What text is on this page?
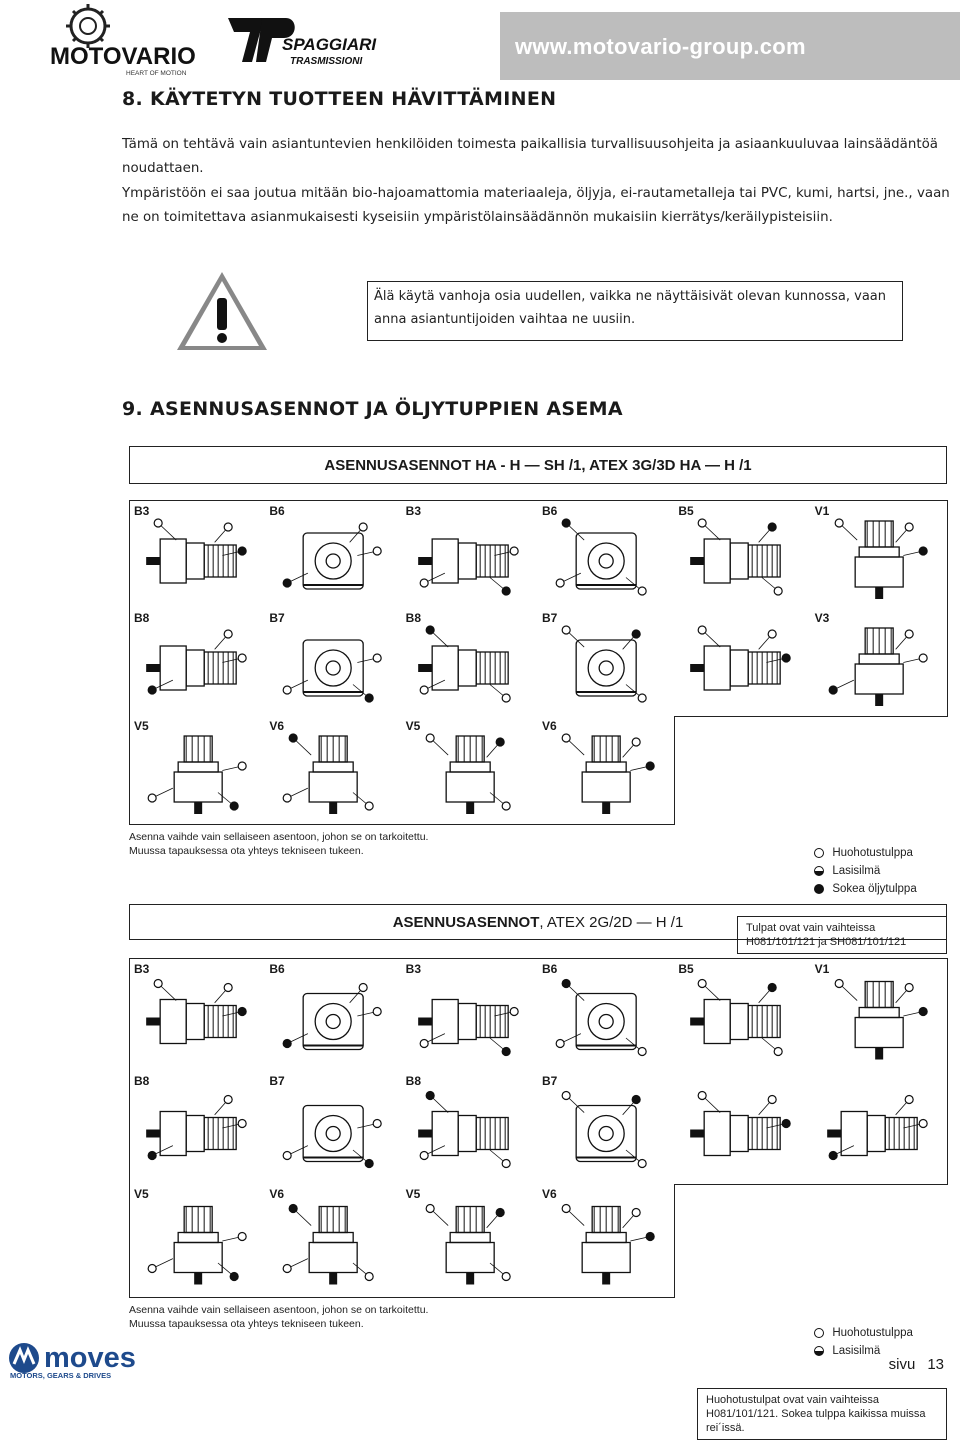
MOTOVARIO
HEART OF MOTION
SPAGGIARI
TRASMISSIONI
www.motovario-group.com
8. KÄYTETYN TUOTTEEN HÄVITTÄMINEN
Tämä on tehtävä vain asiantuntevien henkilöiden toimesta paikallisia turvallisuusohjeita ja asiaankuuluvaa lainsäädäntöä noudattaen.
Ympäristöön ei saa joutua mitään bio-hajoamattomia materiaaleja, öljyja, ei-rautametalleja tai PVC, kumi, hartsi, jne., vaan ne on toimitettava asianmukaisesti kyseisiin ympäristölainsäädännön mukaisiin kierrätys/keräilypisteisiin.
Älä käytä vanhoja osia uudellen, vaikka ne näyttäisivät olevan kunnossa, vaan anna asiantuntijoiden vaihtaa ne uusiin.
9. ASENNUSASENNOT JA ÖLJYTUPPIEN ASEMA
ASENNUSASENNOT HA - H — SH /1, ATEX 3G/3D HA — H /1
B3	B6	B3	B6	B5	V1
B8	B7	B8	B7	V3
V5	V6	V5	V6
Huohotustulppa
Lasisilmä
Sokea öljytulppa
Tulpat ovat vain vaihteissa
H081/101/121 ja SH081/101/121
Asenna vaihde vain sellaiseen asentoon, johon se on tarkoitettu.
Muussa tapauksessa ota yhteys tekniseen tukeen.
ASENNUSASENNOT, ATEX 2G/2D — H /1
B3	B6	B3	B6	B5	V1
B8	B7	B8	B7
V5	V6	V5	V6
Huohotustulppa
Lasisilmä
Huohotustulpat ovat vain vaihteissa
H081/101/121. Sokea tulppa kaikissa muissa
rei´issä.
Asenna vaihde vain sellaiseen asentoon, johon se on tarkoitettu.
Muussa tapauksessa ota yhteys tekniseen tukeen.
moves
MOTORS, GEARS & DRIVES
sivu 13
